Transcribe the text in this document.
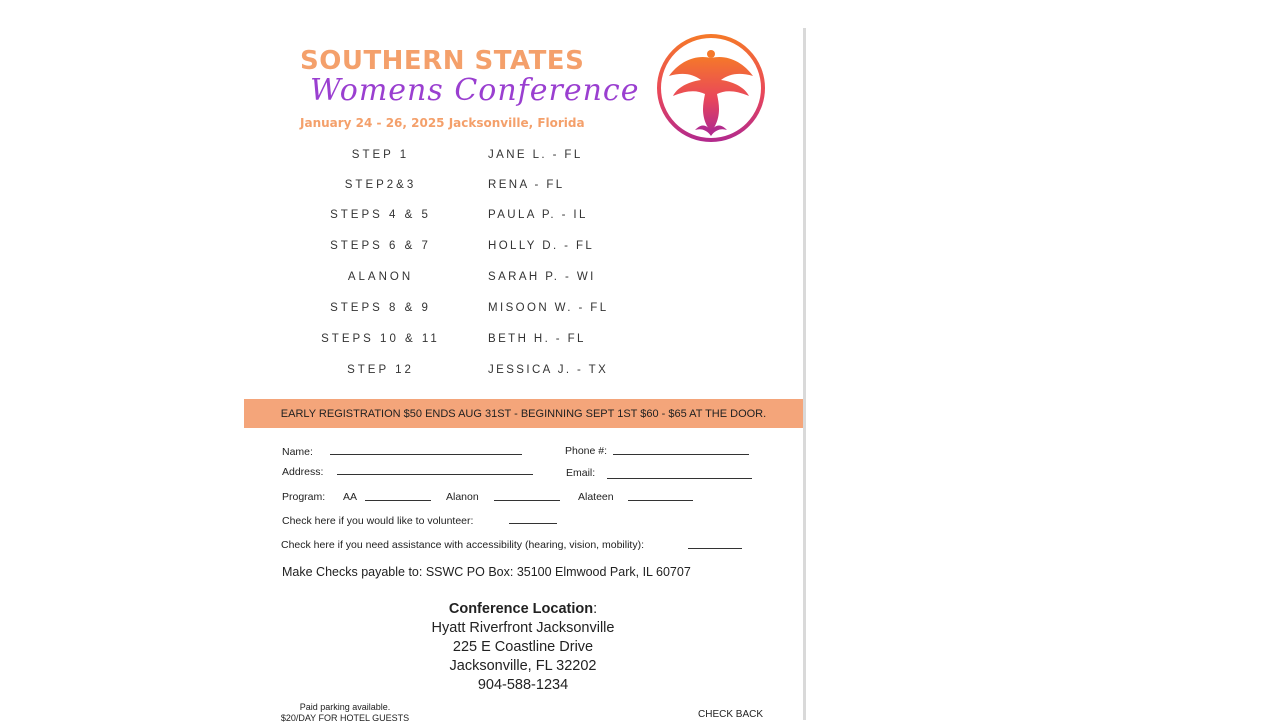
SOUTHERN STATES
Womens Conference
January 24 - 26, 2025 Jacksonville, Florida
STEP 1	JANE L. - FL
STEP2&3	RENA - FL
STEPS 4 & 5	PAULA P. - IL
STEPS 6 & 7	HOLLY D. - FL
ALANON	SARAH P. - WI
STEPS 8 & 9	MISOON W. - FL
STEPS 10 & 11	BETH H. - FL
STEP 12	JESSICA J. - TX
EARLY REGISTRATION $50 ENDS AUG 31ST - BEGINNING SEPT 1ST $60 - $65 AT THE DOOR.
Name:	Phone #:
Address:	Email:
Program: AA	Alanon	Alateen
Check here if you would like to volunteer:
Check here if you need assistance with accessibility (hearing, vision, mobility):
Make Checks payable to: SSWC PO Box: 35100 Elmwood Park, IL 60707
Conference Location:
Hyatt Riverfront Jacksonville
225 E Coastline Drive
Jacksonville, FL 32202
904-588-1234
Paid parking available.
$20/DAY FOR HOTEL GUESTS	CHECK BACK
